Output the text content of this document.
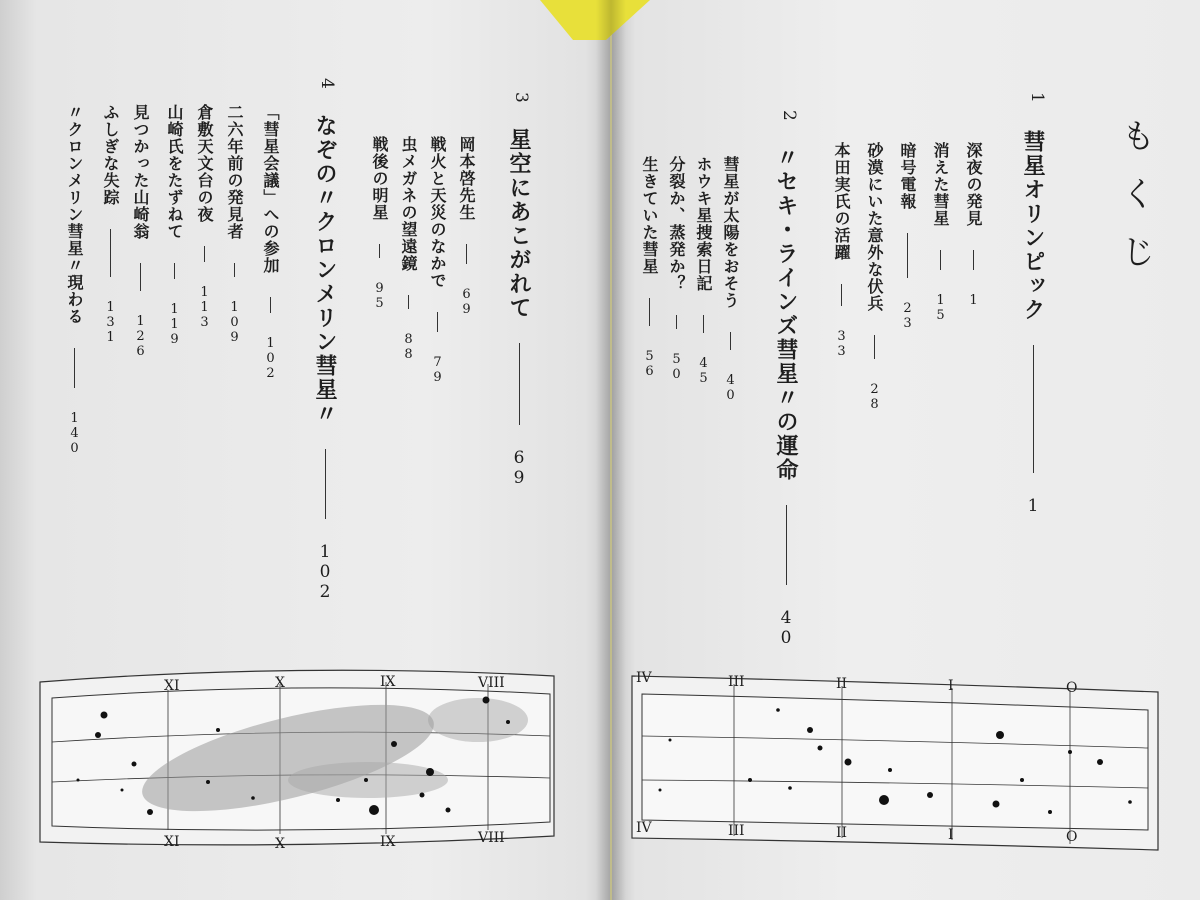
もくじ
1
彗星オリンピック  1
深夜の発見  1
消えた彗星  15
暗号電報  23
砂漠にいた意外な伏兵  28
本田実氏の活躍  33
2
〃セキ・ラインズ彗星〃の運命  40
彗星が太陽をおそう  40
ホウキ星捜索日記  45
分裂か、蒸発か？  50
生きていた彗星  56
3
星空にあこがれて  69
岡本啓先生  69
戦火と天災のなかで  79
虫メガネの望遠鏡  88
戦後の明星  95
4
なぞの〃クロンメリン彗星〃  102
「彗星会議」への参加  102
二六年前の発見者  109
倉敷天文台の夜  113
山崎氏をたずねて  119
見つかった山崎翁  126
ふしぎな失踪  131
〃クロンメリン彗星〃現わる  140
XI	X	IX	VIII
XI	X	IX	VIII
IV	III	II	I	O
IV	III	II	I	O
